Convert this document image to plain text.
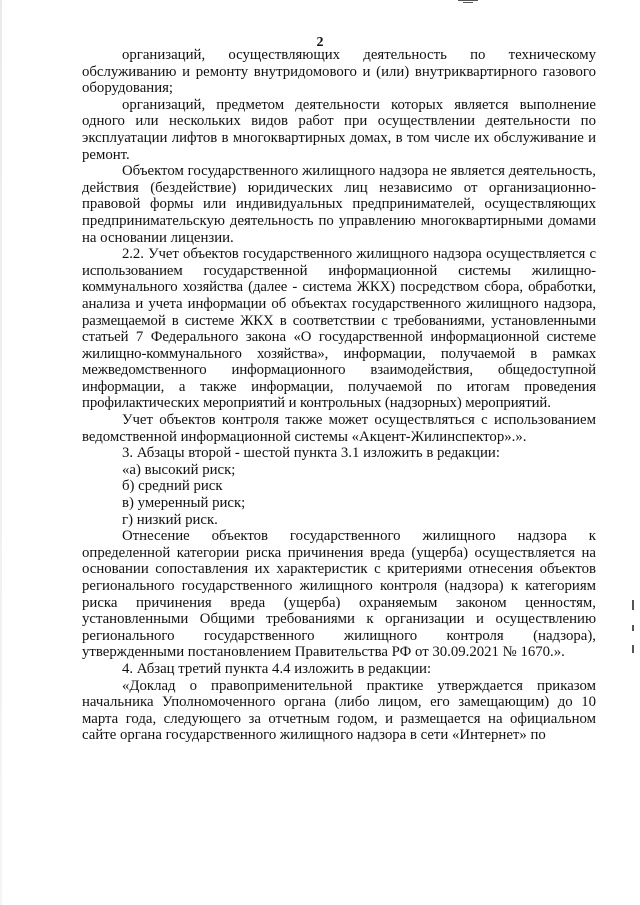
2

организаций, осуществляющих деятельность по техническому обслуживанию и ремонту внутридомового и (или) внутриквартирного газового оборудования;

организаций, предметом деятельности которых является выполнение одного или нескольких видов работ при осуществлении деятельности по эксплуатации лифтов в многоквартирных домах, в том числе их обслуживание и ремонт.

Объектом государственного жилищного надзора не является деятельность, действия (бездействие) юридических лиц независимо от организационно-правовой формы или индивидуальных предпринимателей, осуществляющих предпринимательскую деятельность по управлению многоквартирными домами на основании лицензии.

2.2. Учет объектов государственного жилищного надзора осуществляется с использованием государственной информационной системы жилищно-коммунального хозяйства (далее - система ЖКХ) посредством сбора, обработки, анализа и учета информации об объектах государственного жилищного надзора, размещаемой в системе ЖКХ в соответствии с требованиями, установленными статьей 7 Федерального закона «О государственной информационной системе жилищно-коммунального хозяйства», информации, получаемой в рамках межведомственного информационного взаимодействия, общедоступной информации, а также информации, получаемой по итогам проведения профилактических мероприятий и контрольных (надзорных) мероприятий.

Учет объектов контроля также может осуществляться с использованием ведомственной информационной системы «Акцент-Жилинспектор».».

3. Абзацы второй - шестой пункта 3.1 изложить в редакции:

«а) высокий риск;

б) средний риск

в) умеренный риск;

г) низкий риск.

Отнесение объектов государственного жилищного надзора к определенной категории риска причинения вреда (ущерба) осуществляется на основании сопоставления их характеристик с критериями отнесения объектов регионального государственного жилищного контроля (надзора) к категориям риска причинения вреда (ущерба) охраняемым законом ценностям, установленными Общими требованиями к организации и осуществлению регионального государственного жилищного контроля (надзора), утвержденными постановлением Правительства РФ от 30.09.2021 № 1670.».

4. Абзац третий пункта 4.4 изложить в редакции:

«Доклад о правоприменительной практике утверждается приказом начальника Уполномоченного органа (либо лицом, его замещающим) до 10 марта года, следующего за отчетным годом, и размещается на официальном сайте органа государственного жилищного надзора в сети «Интернет» по
